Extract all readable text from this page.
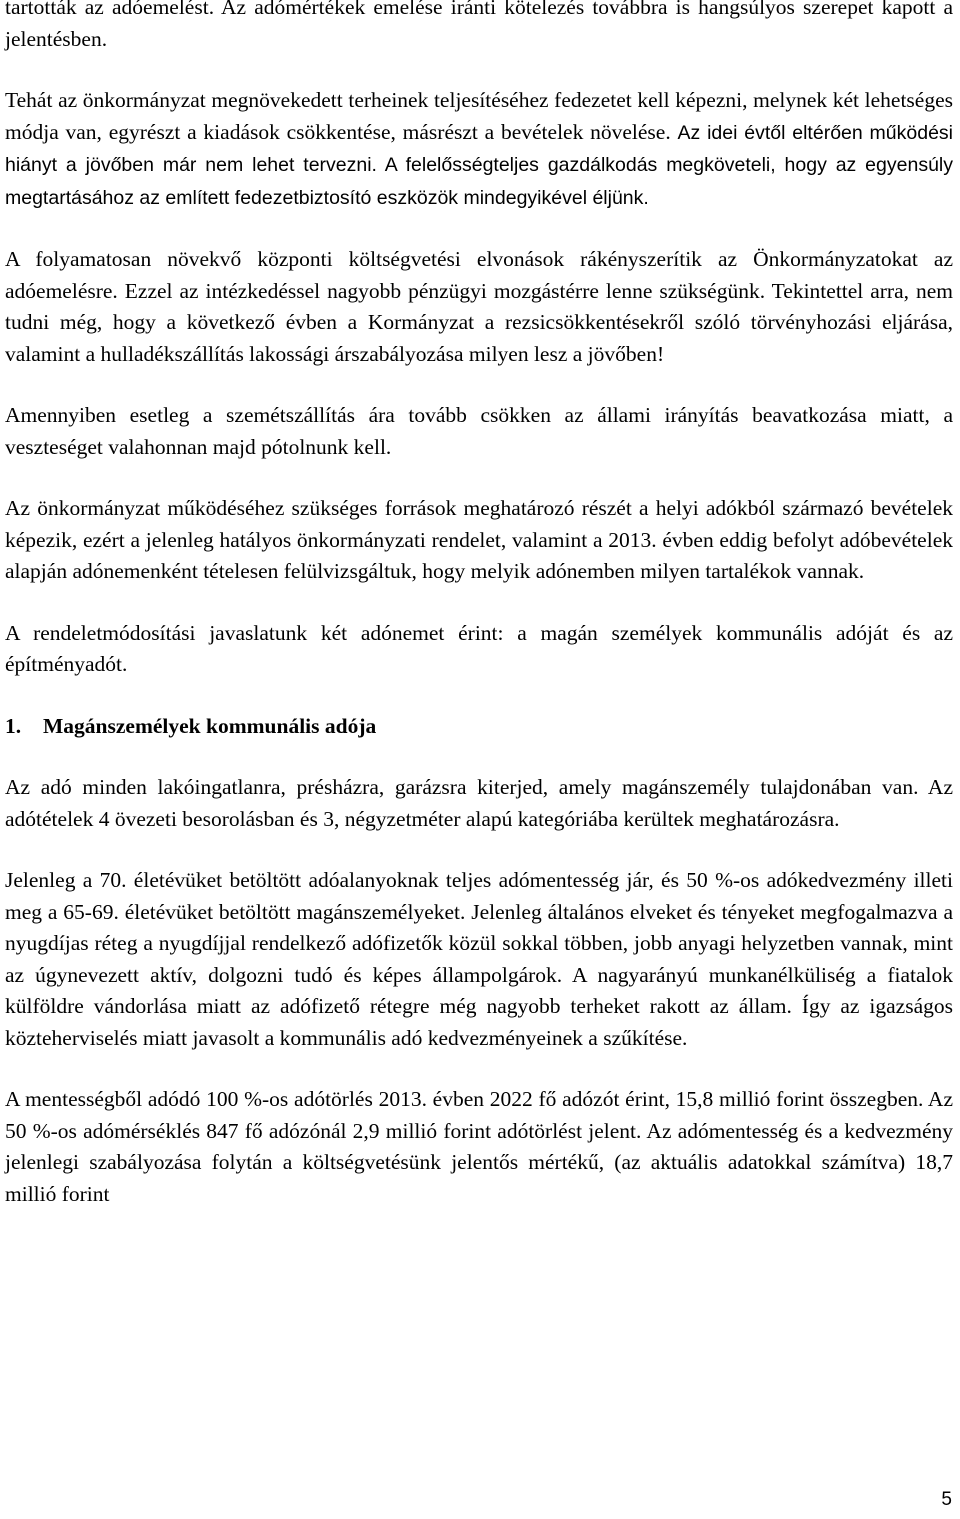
tartották az adóemelést. Az adómértékek emelése iránti kötelezés továbbra is hangsúlyos szerepet kapott a jelentésben.

Tehát az önkormányzat megnövekedett terheinek teljesítéséhez fedezetet kell képezni, melynek két lehetséges módja van, egyrészt a kiadások csökkentése, másrészt a bevételek növelése. Az idei évtől eltérően működési hiányt a jövőben már nem lehet tervezni. A felelősségteljes gazdálkodás megköveteli, hogy az egyensúly megtartásához az említett fedezetbiztosító eszközök mindegyikével éljünk.

A folyamatosan növekvő központi költségvetési elvonások rákényszerítik az Önkormányzatokat az adóemelésre. Ezzel az intézkedéssel nagyobb pénzügyi mozgástérre lenne szükségünk. Tekintettel arra, nem tudni még, hogy a következő évben a Kormányzat a rezsicsökkentésekről szóló törvényhozási eljárása, valamint a hulladékszállítás lakossági árszabályozása milyen lesz a jövőben!

Amennyiben esetleg a szemétszállítás ára tovább csökken az állami irányítás beavatkozása miatt, a veszteséget valahonnan majd pótolnunk kell.

Az önkormányzat működéséhez szükséges források meghatározó részét a helyi adókból származó bevételek képezik, ezért a jelenleg hatályos önkormányzati rendelet, valamint a 2013. évben eddig befolyt adóbevételek alapján adónemenként tételesen felülvizsgáltuk, hogy melyik adónemben milyen tartalékok vannak.

A rendeletmódosítási javaslatunk két adónemet érint: a magán személyek kommunális adóját és az építményadót.

1. Magánszemélyek kommunális adója

Az adó minden lakóingatlanra, présházra, garázsra kiterjed, amely magánszemély tulajdonában van. Az adótételek 4 övezeti besorolásban és 3, négyzetméter alapú kategóriába kerültek meghatározásra.

Jelenleg a 70. életévüket betöltött adóalanyoknak teljes adómentesség jár, és 50 %-os adókedvezmény illeti meg a 65-69. életévüket betöltött magánszemélyeket. Jelenleg általános elveket és tényeket megfogalmazva a nyugdíjas réteg a nyugdíjjal rendelkező adófizetők közül sokkal többen, jobb anyagi helyzetben vannak, mint az úgynevezett aktív, dolgozni tudó és képes állampolgárok. A nagyarányú munkanélküliség a fiatalok külföldre vándorlása miatt az adófizető rétegre még nagyobb terheket rakott az állam. Így az igazságos közteherviselés miatt javasolt a kommunális adó kedvezményeinek a szűkítése.

A mentességből adódó 100 %-os adótörlés 2013. évben 2022 fő adózót érint, 15,8 millió forint összegben. Az 50 %-os adómérséklés 847 fő adózónál 2,9 millió forint adótörlést jelent. Az adómentesség és a kedvezmény jelenlegi szabályozása folytán a költségvetésünk jelentős mértékű, (az aktuális adatokkal számítva) 18,7 millió forint

5
